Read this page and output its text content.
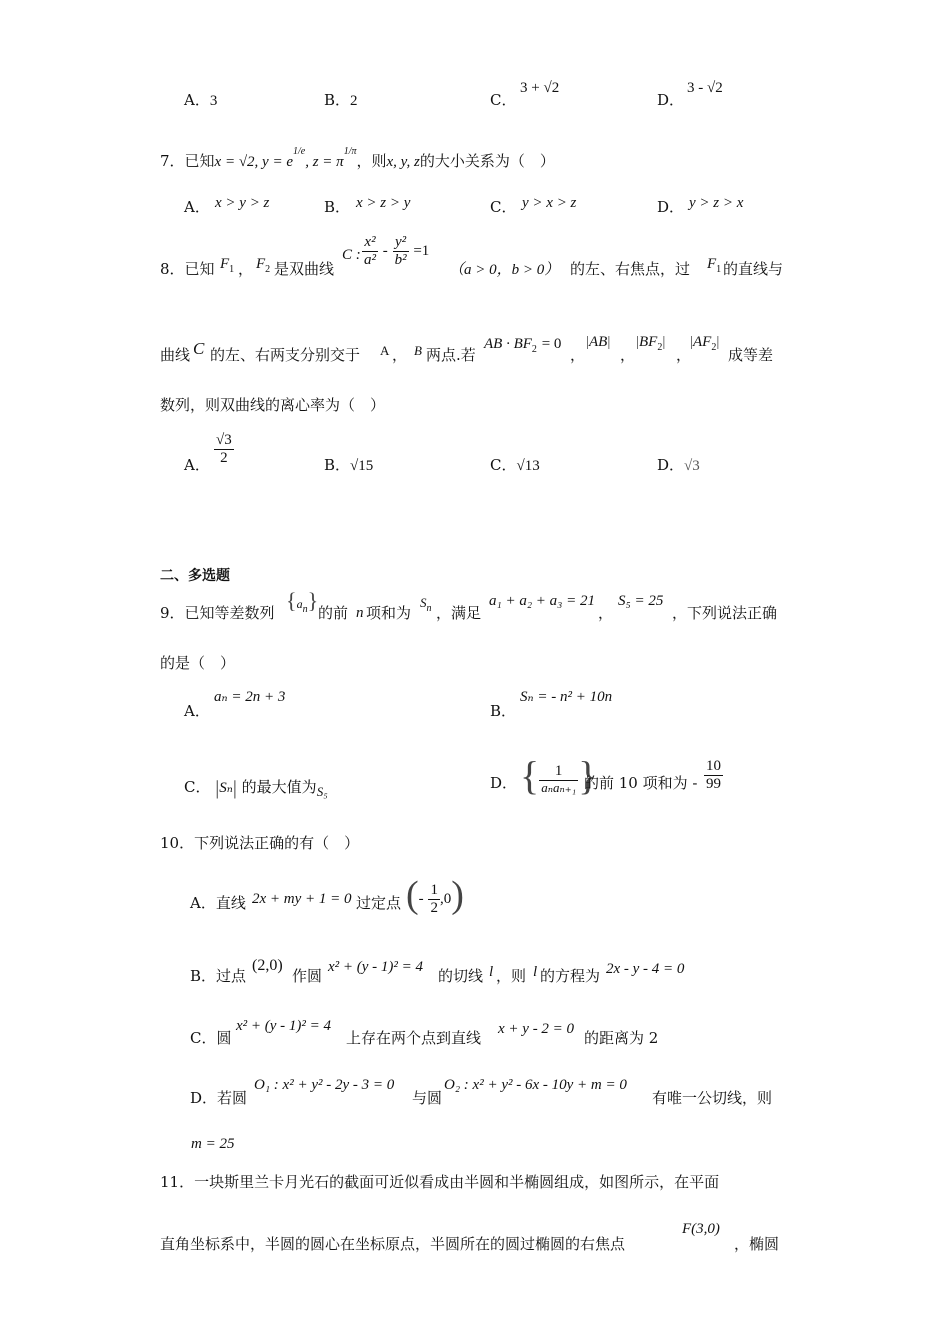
A．3	B．2	C．
3 + √2
D．
3 - √2
7．已知x = √2, $y = e^{1/e}$, $z = \pi^{1/\pi}$，则x, y, z的大小关系为（　）
A． x > y > z	B． x > z > y	C． y > x > z	D． y > z > x
8．已知 $F_1$ ， $F_2$ 是双曲线
C : $\frac{\text{x²}}{\text{a²}} - \frac{\text{y²}}{\text{b²}} =1$
（a > 0，b > 0） 的左、右焦点，过 $F_1$ 的直线与
曲线 C 的左、右两支分别交于 A ， B 两点.若
AB · $BF_2 = 0$
，
|AB|
，
$|BF_2|$
，
$|AF_2|$
成等差
数列，则双曲线的离心率为（　）
A． $\frac{√3}{2}$	B．√15	C．√13	D．√3
二、多选题
9．已知等差数列 $\{a_n\}$ 的前 n 项和为
$S_n$ ，满足
a₁ + a₂ + a₃ = 21
，
S₅ = 25
，下列说法正确
的是（　）
A．
aₙ = 2n + 3
B．
Sₙ = - n² + 10n
C． |Sₙ| 的最大值为S₅	D． { $\frac{1}{\text{aₙaₙ₊₁}}$ }
的前 10 项和为 - $\frac{10}{99}$
10．下列说法正确的有（　）
A．直线 2x + my + 1 = 0 过定点 (- $\frac{1}{2} ,0$)
B．过点
(2,0)
作圆 x² + (y - 1)² = 4 的切线 l ，则 l 的方程为 2x - y - 4 = 0
C．圆
x² + (y - 1)² = 4
上存在两个点到直线 x + y - 2 = 0 的距离为 2
D．若圆
O₁ : x² + y² - 2y - 3 = 0
与圆
O₂ : x² + y² - 6x - 10y + m = 0
有唯一公切线，则
m = 25
11．一块斯里兰卡月光石的截面可近似看成由半圆和半椭圆组成，如图所示，在平面
直角坐标系中，半圆的圆心在坐标原点，半圆所在的圆过椭圆的右焦点
F(3,0)
，椭圆
